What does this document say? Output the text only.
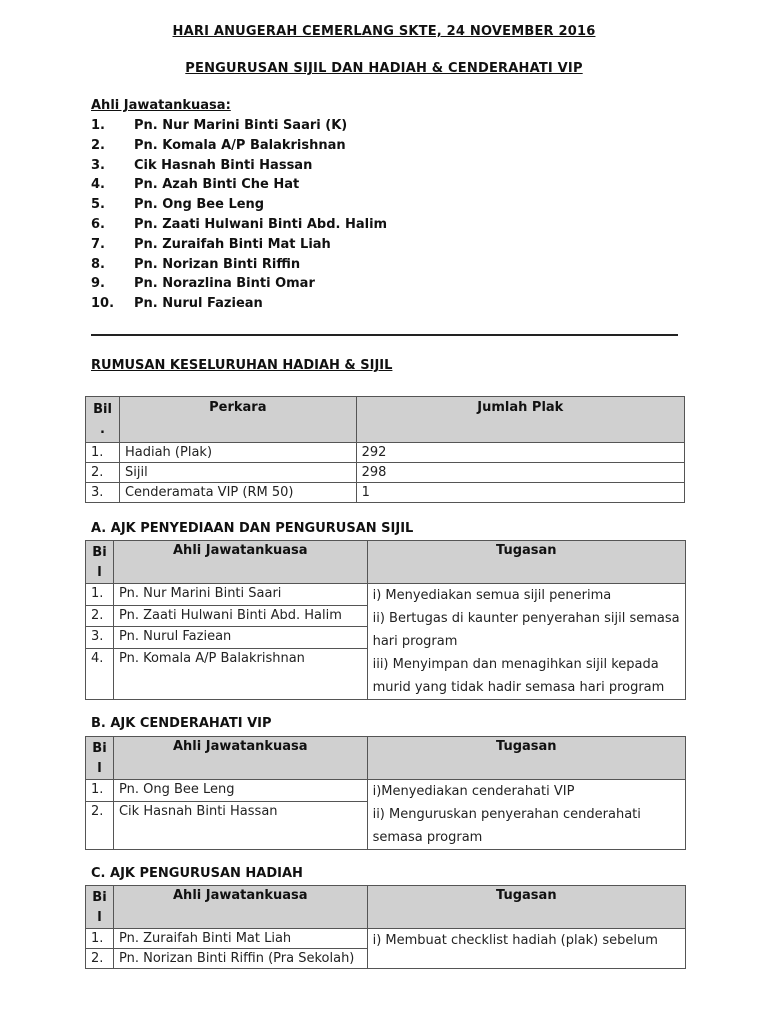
HARI ANUGERAH CEMERLANG SKTE, 24 NOVEMBER 2016
PENGURUSAN SIJIL DAN HADIAH & CENDERAHATI VIP
Ahli Jawatankuasa:
1. Pn. Nur Marini Binti Saari (K)
2. Pn. Komala A/P Balakrishnan
3. Cik Hasnah Binti Hassan
4. Pn. Azah Binti Che Hat
5. Pn. Ong Bee Leng
6. Pn. Zaati Hulwani Binti Abd. Halim
7. Pn. Zuraifah Binti Mat Liah
8. Pn. Norizan Binti Riffin
9. Pn. Norazlina Binti Omar
10. Pn. Nurul Faziean
RUMUSAN KESELURUHAN HADIAH & SIJIL
Bil
.	Perkara	Jumlah Plak
1.	Hadiah (Plak)	292
2.	Sijil	298
3.	Cenderamata VIP (RM 50)	1
A. AJK PENYEDIAAN DAN PENGURUSAN SIJIL
Bi
l	Ahli Jawatankuasa	Tugasan
1.	Pn. Nur Marini Binti Saari	i) Menyediakan semua sijil penerima
ii) Bertugas di kaunter penyerahan sijil semasa hari program
iii) Menyimpan dan menagihkan sijil kepada murid yang tidak hadir semasa hari program

2.	Pn. Zaati Hulwani Binti Abd. Halim	
3.	Pn. Nurul Faziean	
4.	Pn. Komala A/P Balakrishnan	
B. AJK CENDERAHATI VIP
Bi
l	Ahli Jawatankuasa	Tugasan
1.	Pn. Ong Bee Leng	i)Menyediakan cenderahati VIP
ii) Menguruskan penyerahan cenderahati semasa program

2.	Cik Hasnah Binti Hassan	
C. AJK PENGURUSAN HADIAH
Bi
l	Ahli Jawatankuasa	Tugasan
1.	Pn. Zuraifah Binti Mat Liah	i) Membuat checklist hadiah (plak) sebelum

2.	Pn. Norizan Binti Riffin (Pra Sekolah)	
